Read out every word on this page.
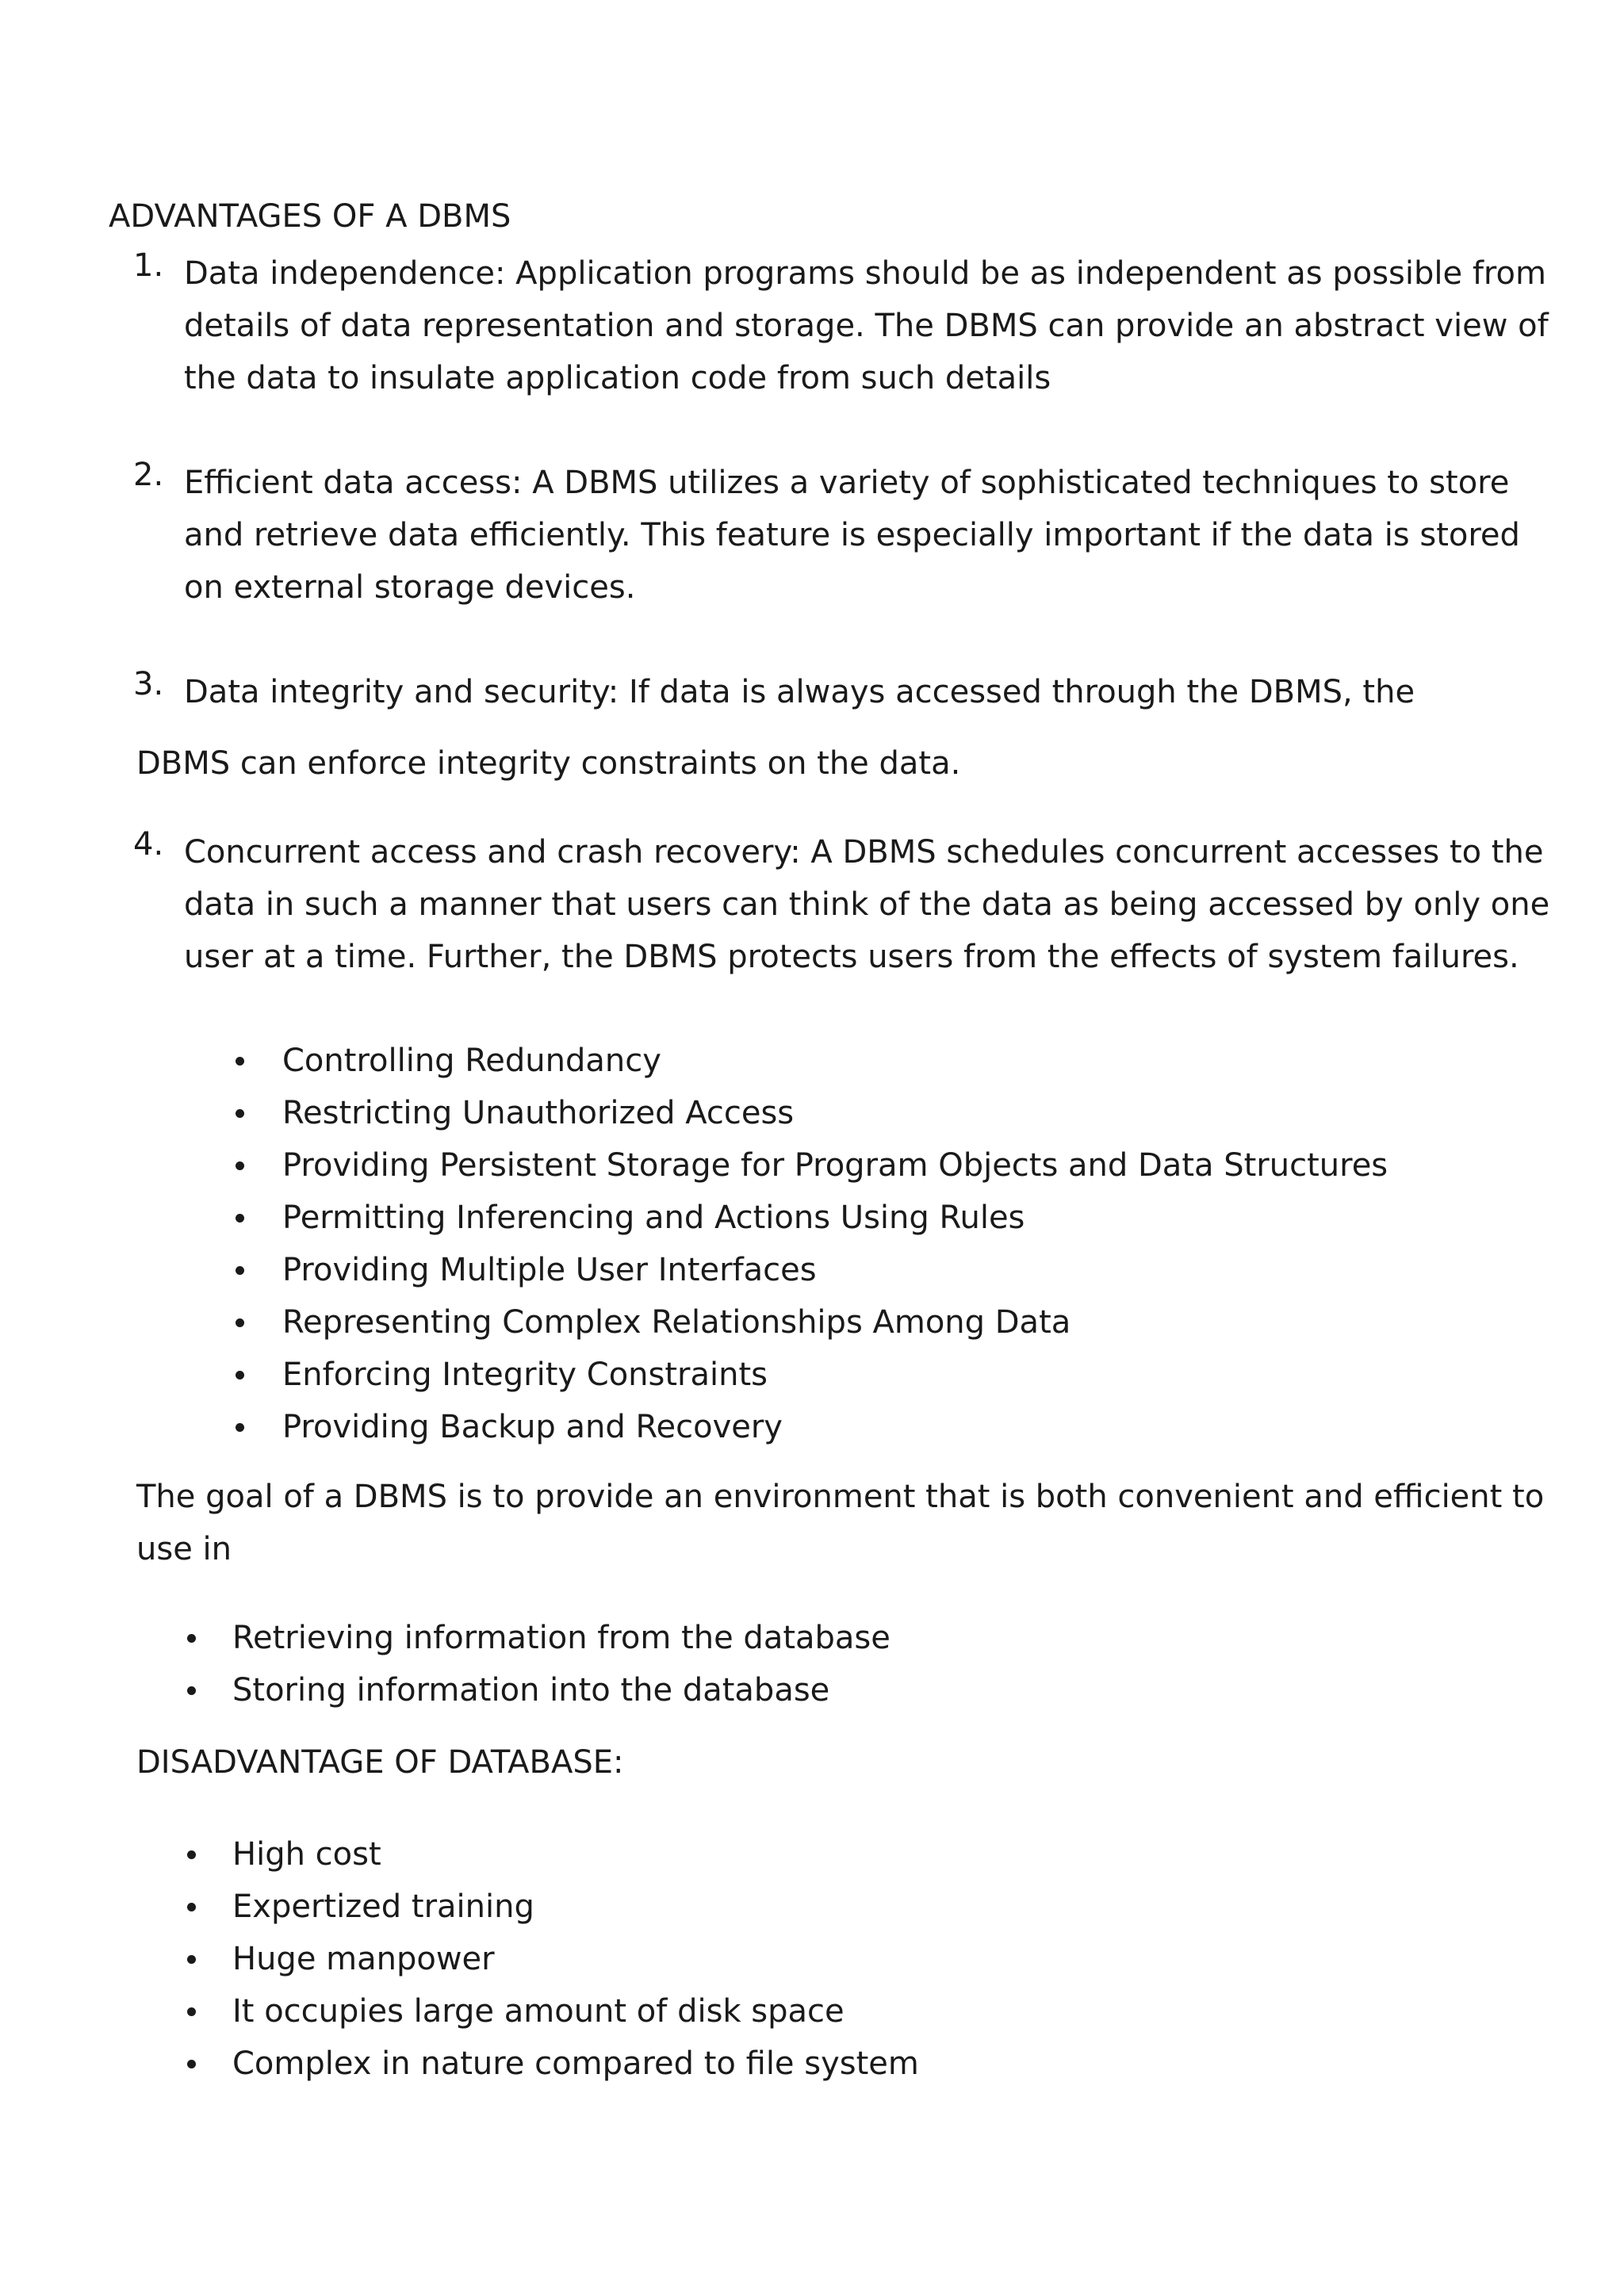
ADVANTAGES OF A DBMS
1. Data independence: Application programs should be as independent as possible from details of data representation and storage. The DBMS can provide an abstract view of the data to insulate application code from such details
2. Efficient data access: A DBMS utilizes a variety of sophisticated techniques to store and retrieve data efficiently. This feature is especially important if the data is stored on external storage devices.
3. Data integrity and security: If data is always accessed through the DBMS, the
DBMS can enforce integrity constraints on the data.
4. Concurrent access and crash recovery: A DBMS schedules concurrent accesses to the data in such a manner that users can think of the data as being accessed by only one user at a time. Further, the DBMS protects users from the effects of system failures.
Controlling Redundancy
Restricting Unauthorized Access
Providing Persistent Storage for Program Objects and Data Structures
Permitting Inferencing and Actions Using Rules
Providing Multiple User Interfaces
Representing Complex Relationships Among Data
Enforcing Integrity Constraints
Providing Backup and Recovery
The goal of a DBMS is to provide an environment that is both convenient and efficient to use in
Retrieving information from the database
Storing information into the database
DISADVANTAGE OF DATABASE:
High cost
Expertized training
Huge manpower
It occupies large amount of disk space
Complex in nature compared to file system
